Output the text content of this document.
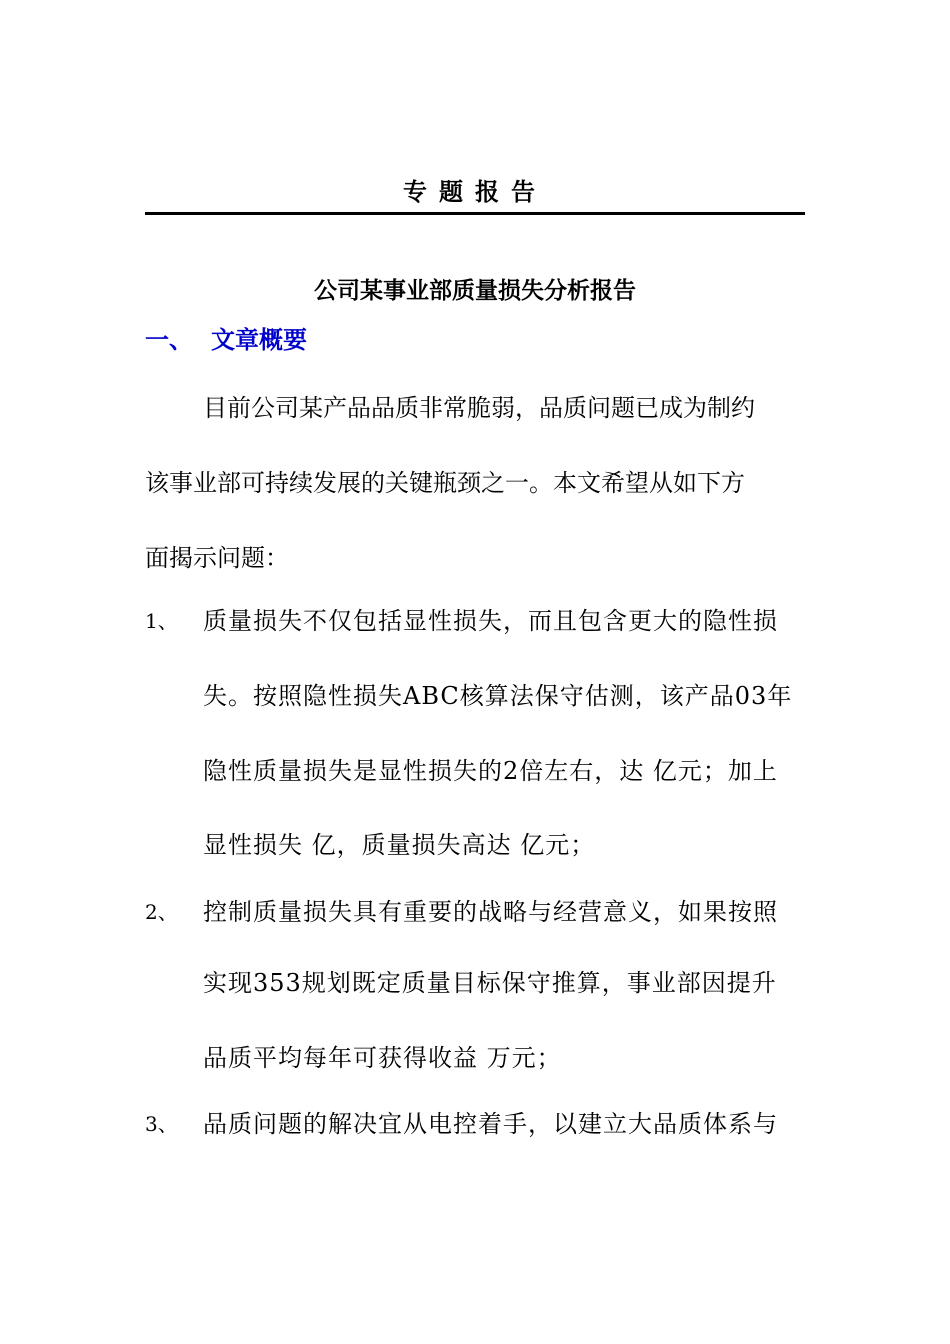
专题报告
公司某事业部质量损失分析报告
一、 文章概要
目前公司某产品品质非常脆弱，品质问题已成为制约
该事业部可持续发展的关键瓶颈之一。本文希望从如下方
面揭示问题：
1、 质量损失不仅包括显性损失，而且包含更大的隐性损
失。按照隐性损失ABC核算法保守估测，该产品03年
隐性质量损失是显性损失的2倍左右，达 亿元；加上
显性损失 亿，质量损失高达 亿元；
2、 控制质量损失具有重要的战略与经营意义，如果按照
实现353规划既定质量目标保守推算，事业部因提升
品质平均每年可获得收益 万元；
3、 品质问题的解决宜从电控着手，以建立大品质体系与
